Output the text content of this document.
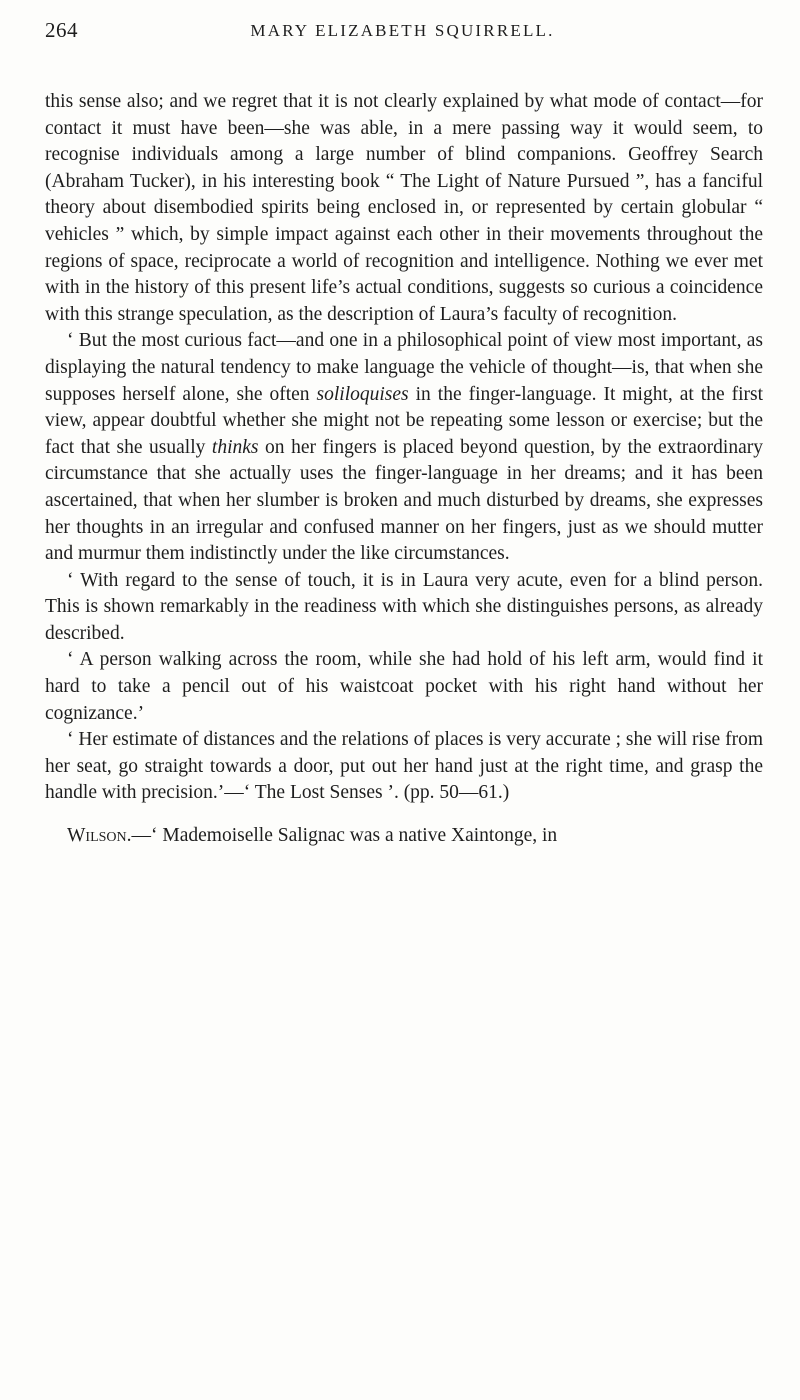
264	MARY ELIZABETH SQUIRRELL.

this sense also; and we regret that it is not clearly explained by what mode of contact—for contact it must have been—she was able, in a mere passing way it would seem, to recognise individuals among a large number of blind companions. Geoffrey Search (Abraham Tucker), in his interesting book “ The Light of Nature Pursued ”, has a fanciful theory about disembodied spirits being enclosed in, or represented by certain globular “ vehicles ” which, by simple impact against each other in their movements throughout the regions of space, reciprocate a world of recognition and intelligence. Nothing we ever met with in the history of this present life’s actual conditions, suggests so curious a coincidence with this strange speculation, as the description of Laura’s faculty of recognition.

‘ But the most curious fact—and one in a philosophical point of view most important, as displaying the natural tendency to make language the vehicle of thought—is, that when she supposes herself alone, she often soliloquises in the finger-language. It might, at the first view, appear doubtful whether she might not be repeating some lesson or exercise; but the fact that she usually thinks on her fingers is placed beyond question, by the extraordinary circumstance that she actually uses the finger-language in her dreams; and it has been ascertained, that when her slumber is broken and much disturbed by dreams, she expresses her thoughts in an irregular and confused manner on her fingers, just as we should mutter and murmur them indistinctly under the like circumstances.

‘ With regard to the sense of touch, it is in Laura very acute, even for a blind person. This is shown remarkably in the readiness with which she distinguishes persons, as already described.

‘ A person walking across the room, while she had hold of his left arm, would find it hard to take a pencil out of his waistcoat pocket with his right hand without her cognizance.’

‘ Her estimate of distances and the relations of places is very accurate ; she will rise from her seat, go straight towards a door, put out her hand just at the right time, and grasp the handle with precision.’—‘ The Lost Senses ’. (pp. 50—61.)

Wilson.—‘ Mademoiselle Salignac was a native Xaintonge, in
